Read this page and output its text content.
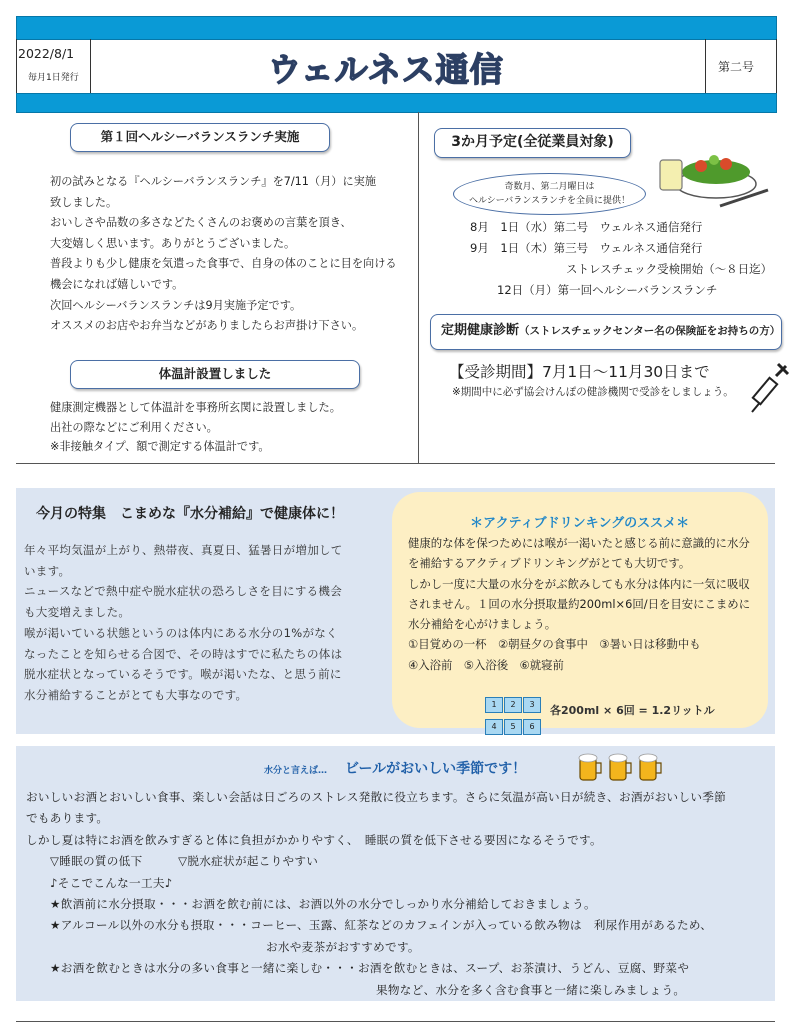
2022/8/1
毎月1日発行	ウェルネス通信	第二号
第１回ヘルシーバランスランチ実施
初の試みとなる『ヘルシーバランスランチ』を7/11（月）に実施
致しました。
おいしさや品数の多さなどたくさんのお褒めの言葉を頂き、
大変嬉しく思います。ありがとうございました。
普段よりも少し健康を気遣った食事で、自身の体のことに目を向ける
機会になれば嬉しいです。
次回ヘルシーバランスランチは9月実施予定です。
オススメのお店やお弁当などがありましたらお声掛け下さい。
体温計設置しました
健康測定機器として体温計を事務所玄関に設置しました。
出社の際などにご利用ください。
※非接触タイプ、額で測定する体温計です。
3か月予定(全従業員対象)
奇数月、第二月曜日は
ヘルシーバランスランチを全員に提供！
8月　1日（水）第二号　ウェルネス通信発行
9月　1日（木）第三号　ウェルネス通信発行
ストレスチェック受検開始（～８日迄）
12日（月）第一回ヘルシーバランスランチ
定期健康診断（ストレスチェックセンター名の保険証をお持ちの方）
【受診期間】7月1日～11月30日まで
※期間中に必ず協会けんぽの健診機関で受診をしましょう。
今月の特集　こまめな『水分補給』で健康体に！
年々平均気温が上がり、熱帯夜、真夏日、猛暑日が増加して
います。
ニュースなどで熱中症や脱水症状の恐ろしさを目にする機会
も大変増えました。
喉が渇いている状態というのは体内にある水分の1%がなく
なったことを知らせる合図で、その時はすでに私たちの体は
脱水症状となっているそうです。喉が渇いたな、と思う前に
水分補給することがとても大事なのです。
＊アクティブドリンキングのススメ＊
健康的な体を保つためには喉が一渇いたと感じる前に意識的に水分
を補給するアクティブドリンキングがとても大切です。
しかし一度に大量の水分をがぶ飲みしても水分は体内に一気に吸収
されません。１回の水分摂取量約200ml×6回/日を目安にこまめに
水分補給を心がけましょう。
①目覚めの一杯　②朝昼夕の食事中　③暑い日は移動中も
④入浴前　⑤入浴後　⑥就寝前
1 2 3
4 5 6
各200ml × 6回 = 1.2リットル
水分と言えば… ビールがおいしい季節です！
おいしいお酒とおいしい食事、楽しい会話は日ごろのストレス発散に役立ちます。さらに気温が高い日が続き、お酒がおいしい季節
でもあります。
しかし夏は特にお酒を飲みすぎると体に負担がかかりやすく、　睡眠の質を低下させる要因になるそうです。
▽睡眠の質の低下　　　▽脱水症状が起こりやすい
♪そこでこんな一工夫♪
★飲酒前に水分摂取・・・お酒を飲む前には、お酒以外の水分でしっかり水分補給しておきましょう。
★アルコール以外の水分も摂取・・・コーヒー、玉露、紅茶などのカフェインが入っている飲み物は　利尿作用があるため、
お水や麦茶がおすすめです。
★お酒を飲むときは水分の多い食事と一緒に楽しむ・・・お酒を飲むときは、スープ、お茶漬け、うどん、豆腐、野菜や
果物など、水分を多く含む食事と一緒に楽しみましょう。
